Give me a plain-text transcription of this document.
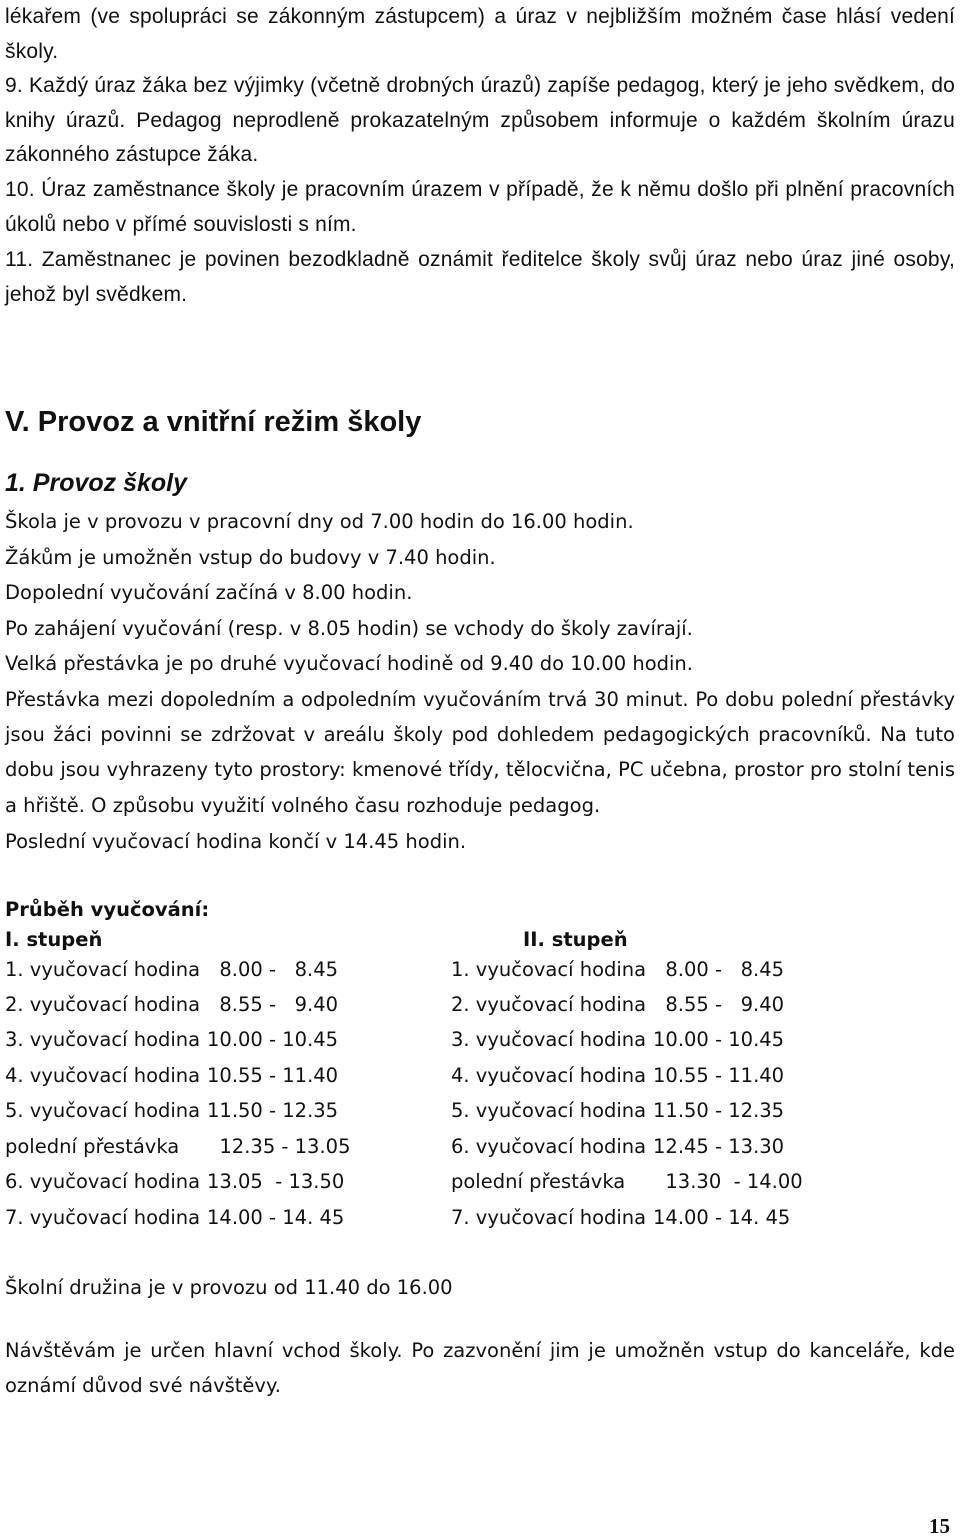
lékařem (ve spolupráci se zákonným zástupcem) a úraz v nejbližším možném čase hlásí vedení školy.

9. Každý úraz žáka bez výjimky (včetně drobných úrazů) zapíše pedagog, který je jeho svědkem, do knihy úrazů. Pedagog neprodleně prokazatelným způsobem informuje o každém školním úrazu zákonného zástupce žáka.

10. Úraz zaměstnance školy je pracovním úrazem v případě, že k němu došlo při plnění pracovních úkolů nebo v přímé souvislosti s ním.

11. Zaměstnanec je povinen bezodkladně oznámit ředitelce školy svůj úraz nebo úraz jiné osoby, jehož byl svědkem.

V. Provoz a vnitřní režim školy
1. Provoz školy

Škola je v provozu v pracovní dny od 7.00 hodin do 16.00 hodin.

Žákům je umožněn vstup do budovy v 7.40 hodin.

Dopolední vyučování začíná v 8.00 hodin.

Po zahájení vyučování (resp. v 8.05 hodin) se vchody do školy zavírají.

Velká přestávka je po druhé vyučovací hodině od 9.40 do 10.00 hodin.

Přestávka mezi dopoledním a odpoledním vyučováním trvá 30 minut. Po dobu polední přestávky jsou žáci povinni se zdržovat v areálu školy pod dohledem pedagogických pracovníků. Na tuto dobu jsou vyhrazeny tyto prostory: kmenové třídy, tělocvična, PC učebna, prostor pro stolní tenis a hřiště. O způsobu využití volného času rozhoduje pedagog.

Poslední vyučovací hodina končí v 14.45 hodin.

Průběh vyučování:

I. stupeň	II. stupeň

1. vyučovací hodina  8.00 -   8.45
2. vyučovací hodina  8.55 -   9.40
3. vyučovací hodina 10.00 - 10.45
4. vyučovací hodina 10.55 - 11.40
5. vyučovací hodina 11.50 - 12.35
polední přestávka  12.35 - 13.05
6. vyučovací hodina 13.05  - 13.50
7. vyučovací hodina 14.00 - 14. 45
1. vyučovací hodina  8.00 -   8.45
2. vyučovací hodina  8.55 -   9.40
3. vyučovací hodina 10.00 - 10.45
4. vyučovací hodina 10.55 - 11.40
5. vyučovací hodina 11.50 - 12.35
6. vyučovací hodina 12.45 - 13.30
polední přestávka  13.30  - 14.00
7. vyučovací hodina 14.00 - 14. 45

Školní družina je v provozu od 11.40 do 16.00

Návštěvám je určen hlavní vchod školy. Po zazvonění jim je umožněn vstup do kanceláře, kde oznámí důvod své návštěvy.

15
